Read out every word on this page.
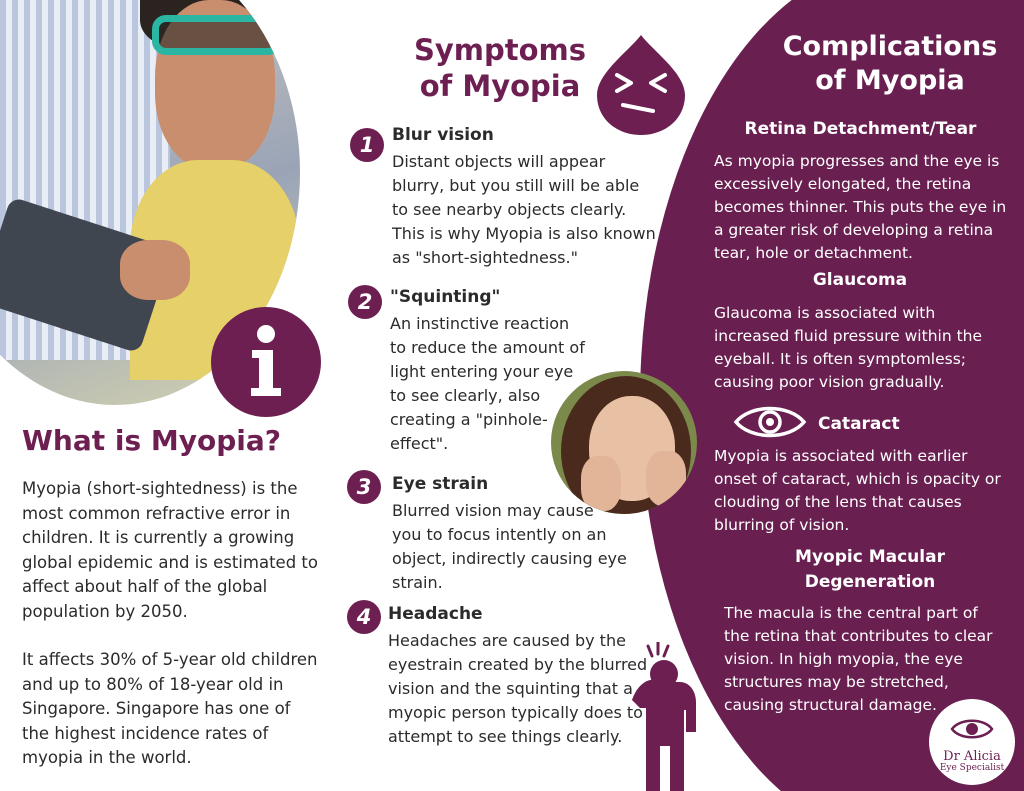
What is Myopia?

Myopia (short-sightedness) is the most common refractive error in children. It is currently a growing global epidemic and is estimated to affect about half of the global population by 2050.

It affects 30% of 5-year old children and up to 80% of 18-year old in Singapore. Singapore has one of the highest incidence rates of myopia in the world.

Symptoms
of Myopia
1	Blur vision
Distant objects will appear blurry, but you still will be able to see nearby objects clearly. This is why Myopia is also known as "short-sightedness."
2	"Squinting"
An instinctive reaction to reduce the amount of light entering your eye to see clearly, also creating a "pinhole-effect".
3	Eye strain
Blurred vision may cause you to focus intently on an object, indirectly causing eye strain.
4 Headache
Headaches are caused by the eyestrain created by the blurred vision and the squinting that a myopic person typically does to attempt to see things clearly.
Complications
of Myopia
Retina Detachment/Tear
As myopia progresses and the eye is excessively elongated, the retina becomes thinner. This puts the eye in a greater risk of developing a retina tear, hole or detachment.
Glaucoma
Glaucoma is associated with increased fluid pressure within the eyeball. It is often symptomless; causing poor vision gradually.
Cataract
Myopia is associated with earlier onset of cataract, which is opacity or clouding of the lens that causes blurring of vision.
Myopic Macular Degeneration
The macula is the central part of the retina that contributes to clear vision. In high myopia, the eye structures may be stretched, causing structural damage.
Dr Alicia
Eye Specialist
